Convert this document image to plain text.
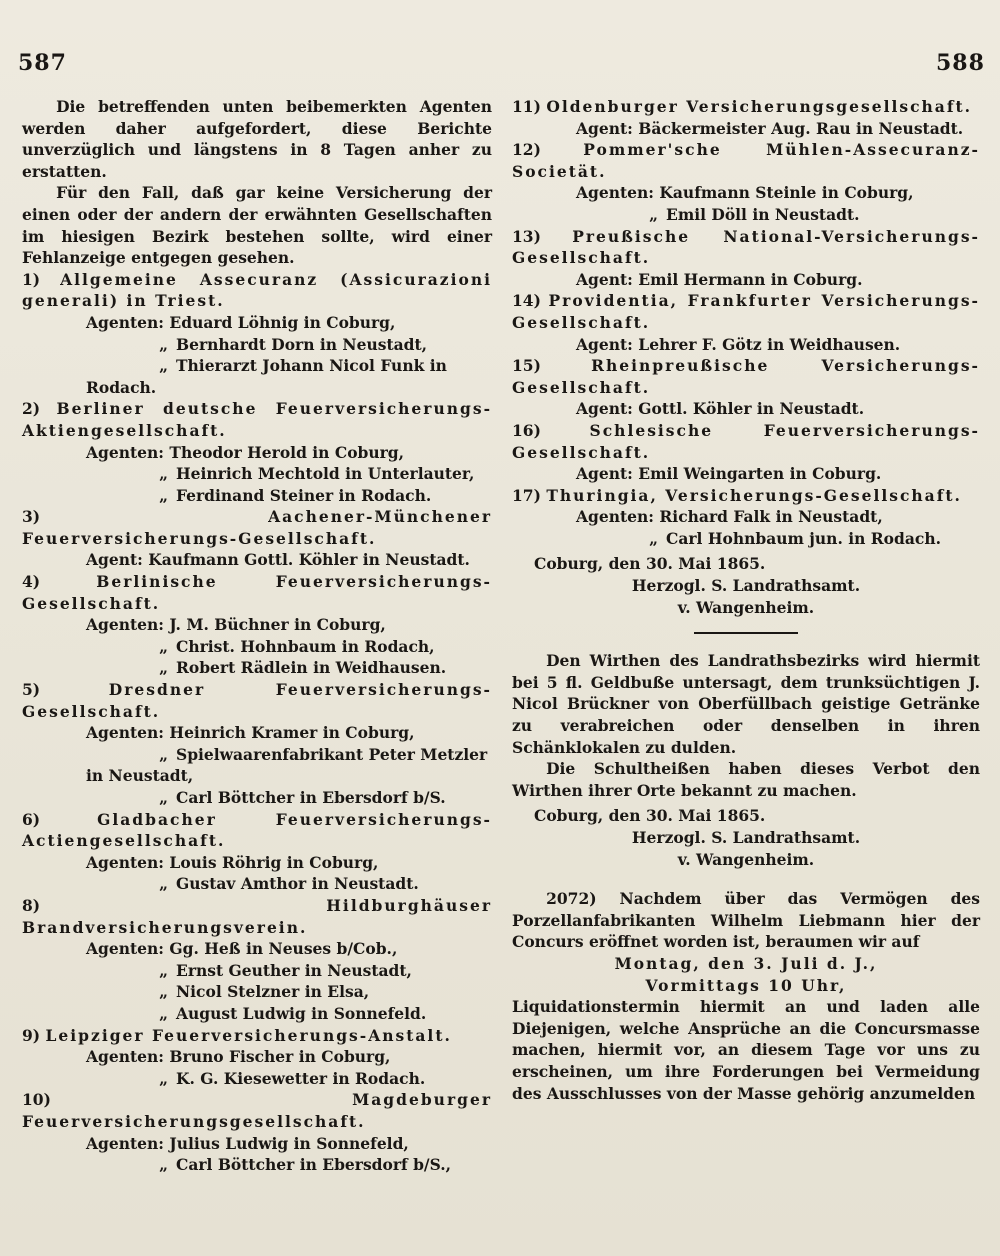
587	588

Die betreffenden unten beibemerkten Agenten werden daher aufgefordert, diese Berichte unverzüglich und längstens in 8 Tagen anher zu erstatten.

Für den Fall, daß gar keine Versicherung der einen oder der andern der erwähnten Gesellschaften im hiesigen Bezirk bestehen sollte, wird einer Fehlanzeige entgegen gesehen.

1) Allgemeine Assecuranz (Assicurazioni generali) in Triest.

Agenten: Eduard Löhnig in Coburg,

„ Bernhardt Dorn in Neustadt,

„ Thierarzt Johann Nicol Funk in Rodach.

2) Berliner deutsche Feuerversicherungs-Aktiengesellschaft.

Agenten: Theodor Herold in Coburg,

„ Heinrich Mechtold in Unterlauter,

„ Ferdinand Steiner in Rodach.

3)	Aachener-Münchener Feuerversicherungs-Gesellschaft.

Agent: Kaufmann Gottl. Köhler in Neustadt.

4)	Berlinische Feuerversicherungs-Gesellschaft.

Agenten: J. M. Büchner in Coburg,

„ Christ. Hohnbaum in Rodach,

„ Robert Rädlein in Weidhausen.

5)	Dresdner Feuerversicherungs-Gesellschaft.

Agenten: Heinrich Kramer in Coburg,

„ Spielwaarenfabrikant Peter Metzler in Neustadt,

„ Carl Böttcher in Ebersdorf b/S.

6)	Gladbacher Feuerversicherungs-Actiengesellschaft.

Agenten: Louis Röhrig in Coburg,

„ Gustav Amthor in Neustadt.

8)	Hildburghäuser Brandversicherungsverein.

Agenten: Gg. Heß in Neuses b/Cob.,

„ Ernst Geuther in Neustadt,

„ Nicol Stelzner in Elsa,

„ August Ludwig in Sonnefeld.

9) Leipziger Feuerversicherungs-Anstalt.

Agenten: Bruno Fischer in Coburg,

„ K. G. Kiesewetter in Rodach.

10)	Magdeburger Feuerversicherungsgesellschaft.

Agenten: Julius Ludwig in Sonnefeld,

„ Carl Böttcher in Ebersdorf b/S.,

11) Oldenburger Versicherungsgesellschaft.

Agent: Bäckermeister Aug. Rau in Neustadt.

12)	Pommer'sche Mühlen-Assecuranz-Societät.

Agenten: Kaufmann Steinle in Coburg,

„ Emil Döll in Neustadt.

13) Preußische National-Versicherungs-Gesellschaft.

Agent: Emil Hermann in Coburg.

14) Providentia, Frankfurter Versicherungs-Gesellschaft.

Agent: Lehrer F. Götz in Weidhausen.

15)	Rheinpreußische Versicherungs-Gesellschaft.

Agent: Gottl. Köhler in Neustadt.

16)	Schlesische Feuerversicherungs-Gesellschaft.

Agent: Emil Weingarten in Coburg.

17) Thuringia, Versicherungs-Gesellschaft.

Agenten: Richard Falk in Neustadt,

„ Carl Hohnbaum jun. in Rodach.

Coburg, den 30. Mai 1865.

Herzogl. S. Landrathsamt.

v. Wangenheim.

Den Wirthen des Landrathsbezirks wird hiermit bei 5 fl. Geldbuße untersagt, dem trunksüchtigen J. Nicol Brückner von Oberfüllbach geistige Getränke zu verabreichen oder denselben in ihren Schänklokalen zu dulden.

Die Schultheißen haben dieses Verbot den Wirthen ihrer Orte bekannt zu machen.

Coburg, den 30. Mai 1865.

Herzogl. S. Landrathsamt.

v. Wangenheim.

2072) Nachdem über das Vermögen des Porzellanfabrikanten Wilhelm Liebmann hier der Concurs eröffnet worden ist, beraumen wir auf

Montag, den 3. Juli d. J.,

Vormittags 10 Uhr,

Liquidationstermin hiermit an und laden alle Diejenigen, welche Ansprüche an die Concursmasse machen, hiermit vor, an diesem Tage vor uns zu erscheinen, um ihre Forderungen bei Vermeidung des Ausschlusses von der Masse gehörig anzumelden
